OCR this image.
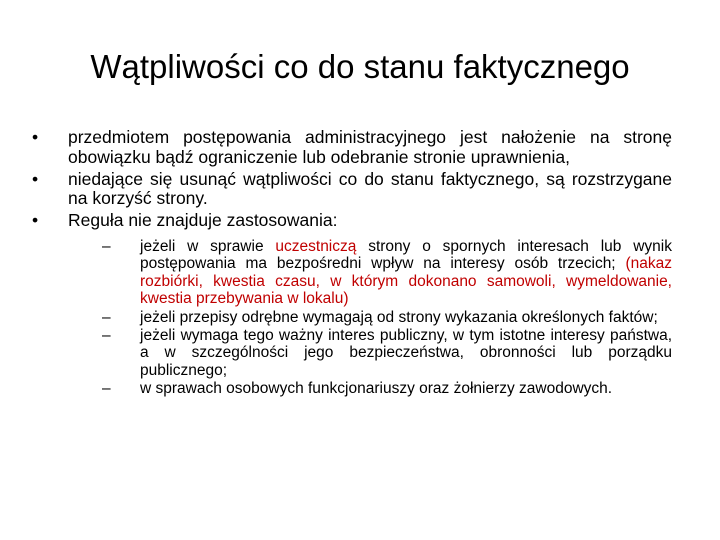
Wątpliwości co do stanu faktycznego
•	przedmiotem postępowania administracyjnego jest nałożenie na stronę obowiązku bądź ograniczenie lub odebranie stronie uprawnienia,
•	niedające się usunąć wątpliwości co do stanu faktycznego, są rozstrzygane na korzyść strony.
•	Reguła nie znajduje zastosowania:
–	jeżeli w sprawie uczestniczą strony o spornych interesach lub wynik postępowania ma bezpośredni wpływ na interesy osób trzecich; (nakaz rozbiórki, kwestia czasu, w którym dokonano samowoli, wymeldowanie, kwestia przebywania w lokalu)
–	jeżeli przepisy odrębne wymagają od strony wykazania określonych faktów;
–	jeżeli wymaga tego ważny interes publiczny, w tym istotne interesy państwa, a w szczególności jego bezpieczeństwa, obronności lub porządku publicznego;
–	w sprawach osobowych funkcjonariuszy oraz żołnierzy zawodowych.
